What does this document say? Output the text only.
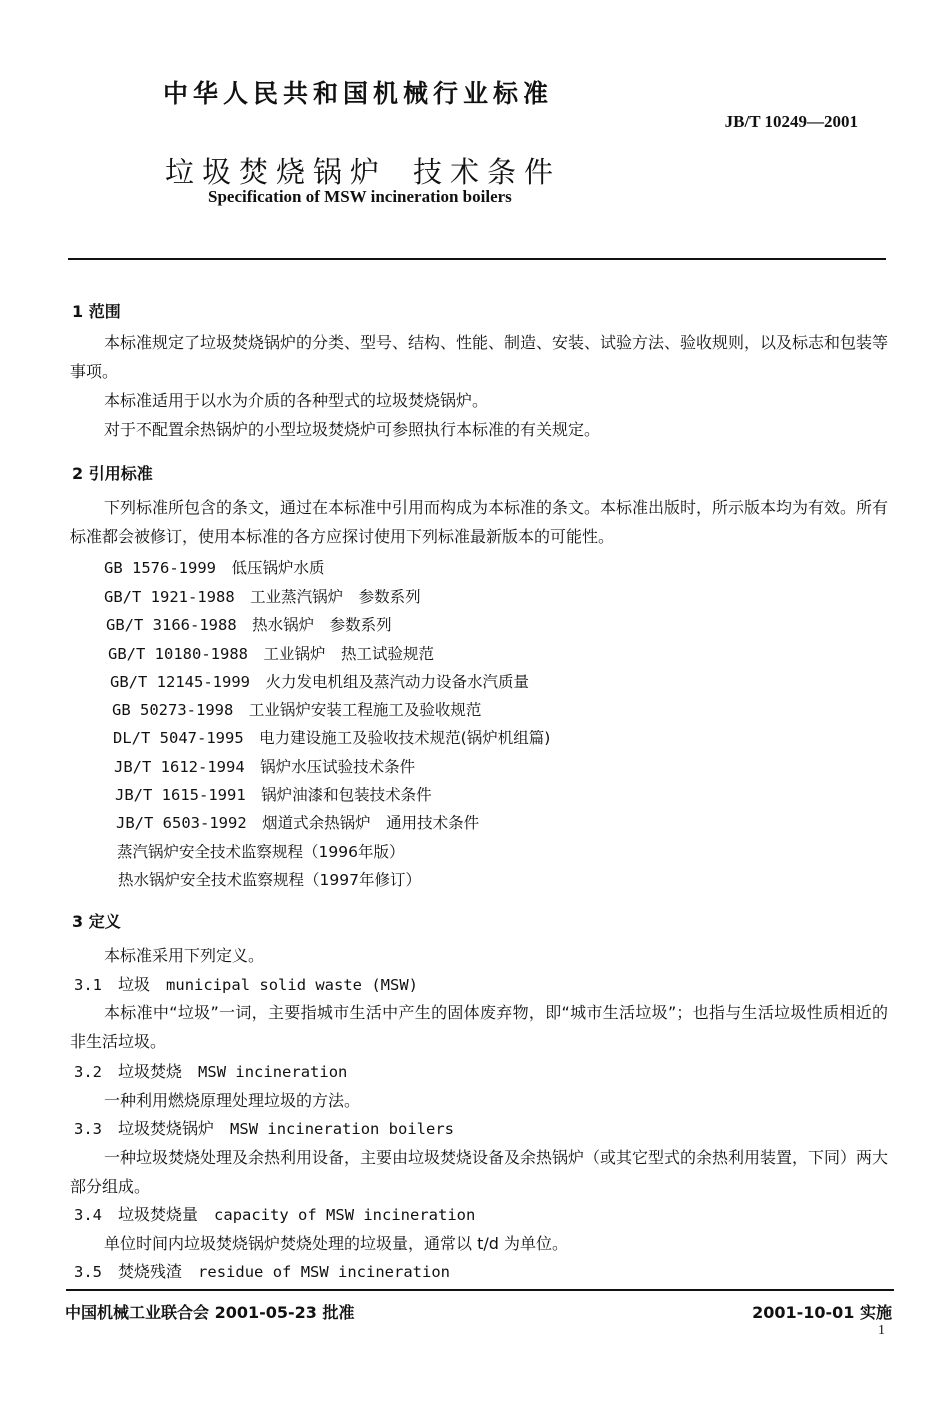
中华人民共和国机械行业标准
JB/T 10249—2001
垃圾焚烧锅炉 技术条件
Specification of MSW incineration boilers
1 范围
本标准规定了垃圾焚烧锅炉的分类、型号、结构、性能、制造、安装、试验方法、验收规则，以及标志和包装等事项。
本标准适用于以水为介质的各种型式的垃圾焚烧锅炉。
对于不配置余热锅炉的小型垃圾焚烧炉可参照执行本标准的有关规定。
2 引用标准
下列标准所包含的条文，通过在本标准中引用而构成为本标准的条文。本标准出版时，所示版本均为有效。所有标准都会被修订，使用本标准的各方应探讨使用下列标准最新版本的可能性。
GB 1576-1999　 低压锅炉水质
GB/T 1921-1988　 工业蒸汽锅炉　参数系列
GB/T 3166-1988　 热水锅炉　参数系列
GB/T 10180-1988　 工业锅炉　热工试验规范
GB/T 12145-1999　 火力发电机组及蒸汽动力设备水汽质量
GB 50273-1998　 工业锅炉安装工程施工及验收规范
DL/T 5047-1995　 电力建设施工及验收技术规范(锅炉机组篇)
JB/T 1612-1994　 锅炉水压试验技术条件
JB/T 1615-1991　 锅炉油漆和包装技术条件
JB/T 6503-1992　 烟道式余热锅炉　通用技术条件
蒸汽锅炉安全技术监察规程（1996年版）
热水锅炉安全技术监察规程（1997年修订）
3 定义
本标准采用下列定义。
3.1　 垃圾　 municipal solid waste (MSW)
本标准中“垃圾”一词，主要指城市生活中产生的固体废弃物，即“城市生活垃圾”；也指与生活垃圾性质相近的非生活垃圾。
3.2　 垃圾焚烧　 MSW incineration
一种利用燃烧原理处理垃圾的方法。
3.3　 垃圾焚烧锅炉　 MSW incineration boilers
一种垃圾焚烧处理及余热利用设备，主要由垃圾焚烧设备及余热锅炉（或其它型式的余热利用装置，下同）两大部分组成。
3.4　 垃圾焚烧量　 capacity of MSW incineration
单位时间内垃圾焚烧锅炉焚烧处理的垃圾量，通常以 t/d 为单位。
3.5　 焚烧残渣　 residue of MSW incineration
中国机械工业联合会 2001-05-23 批准	2001-10-01 实施
1
